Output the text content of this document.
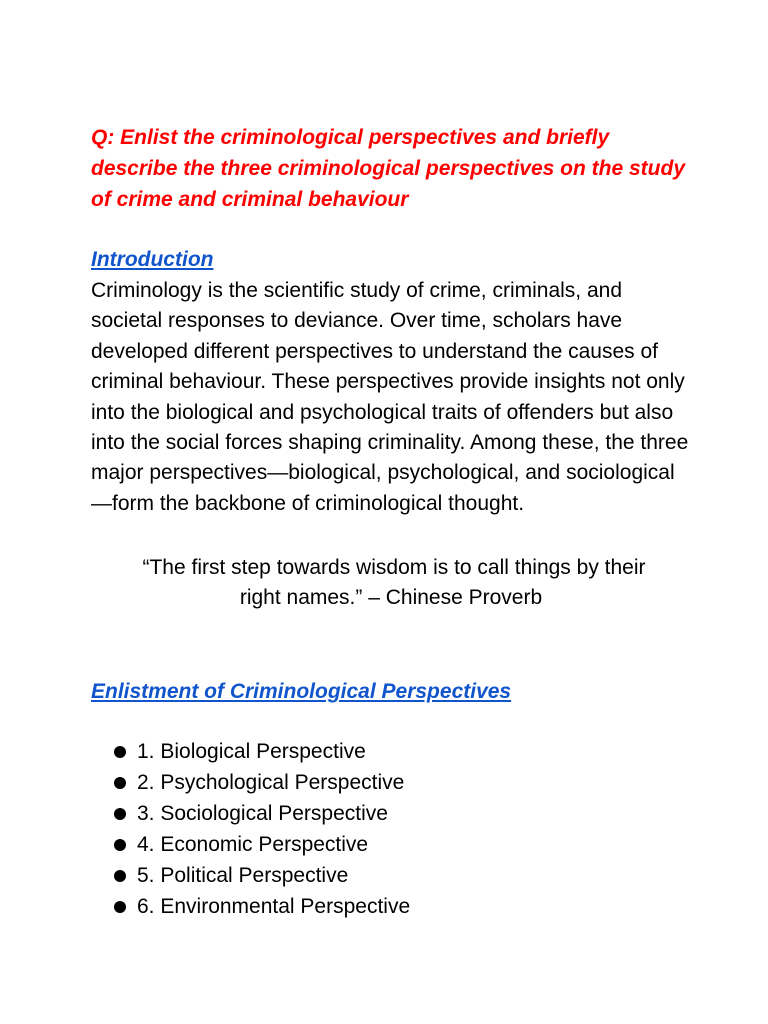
Q: Enlist the criminological perspectives and briefly describe the three criminological perspectives on the study of crime and criminal behaviour

Introduction

Criminology is the scientific study of crime, criminals, and societal responses to deviance. Over time, scholars have developed different perspectives to understand the causes of criminal behaviour. These perspectives provide insights not only into the biological and psychological traits of offenders but also into the social forces shaping criminality. Among these, the three major perspectives—biological, psychological, and sociological—form the backbone of criminological thought.

“The first step towards wisdom is to call things by their
right names.” – Chinese Proverb

Enlistment of Criminological Perspectives

1. Biological Perspective
2. Psychological Perspective
3. Sociological Perspective
4. Economic Perspective
5. Political Perspective
6. Environmental Perspective
